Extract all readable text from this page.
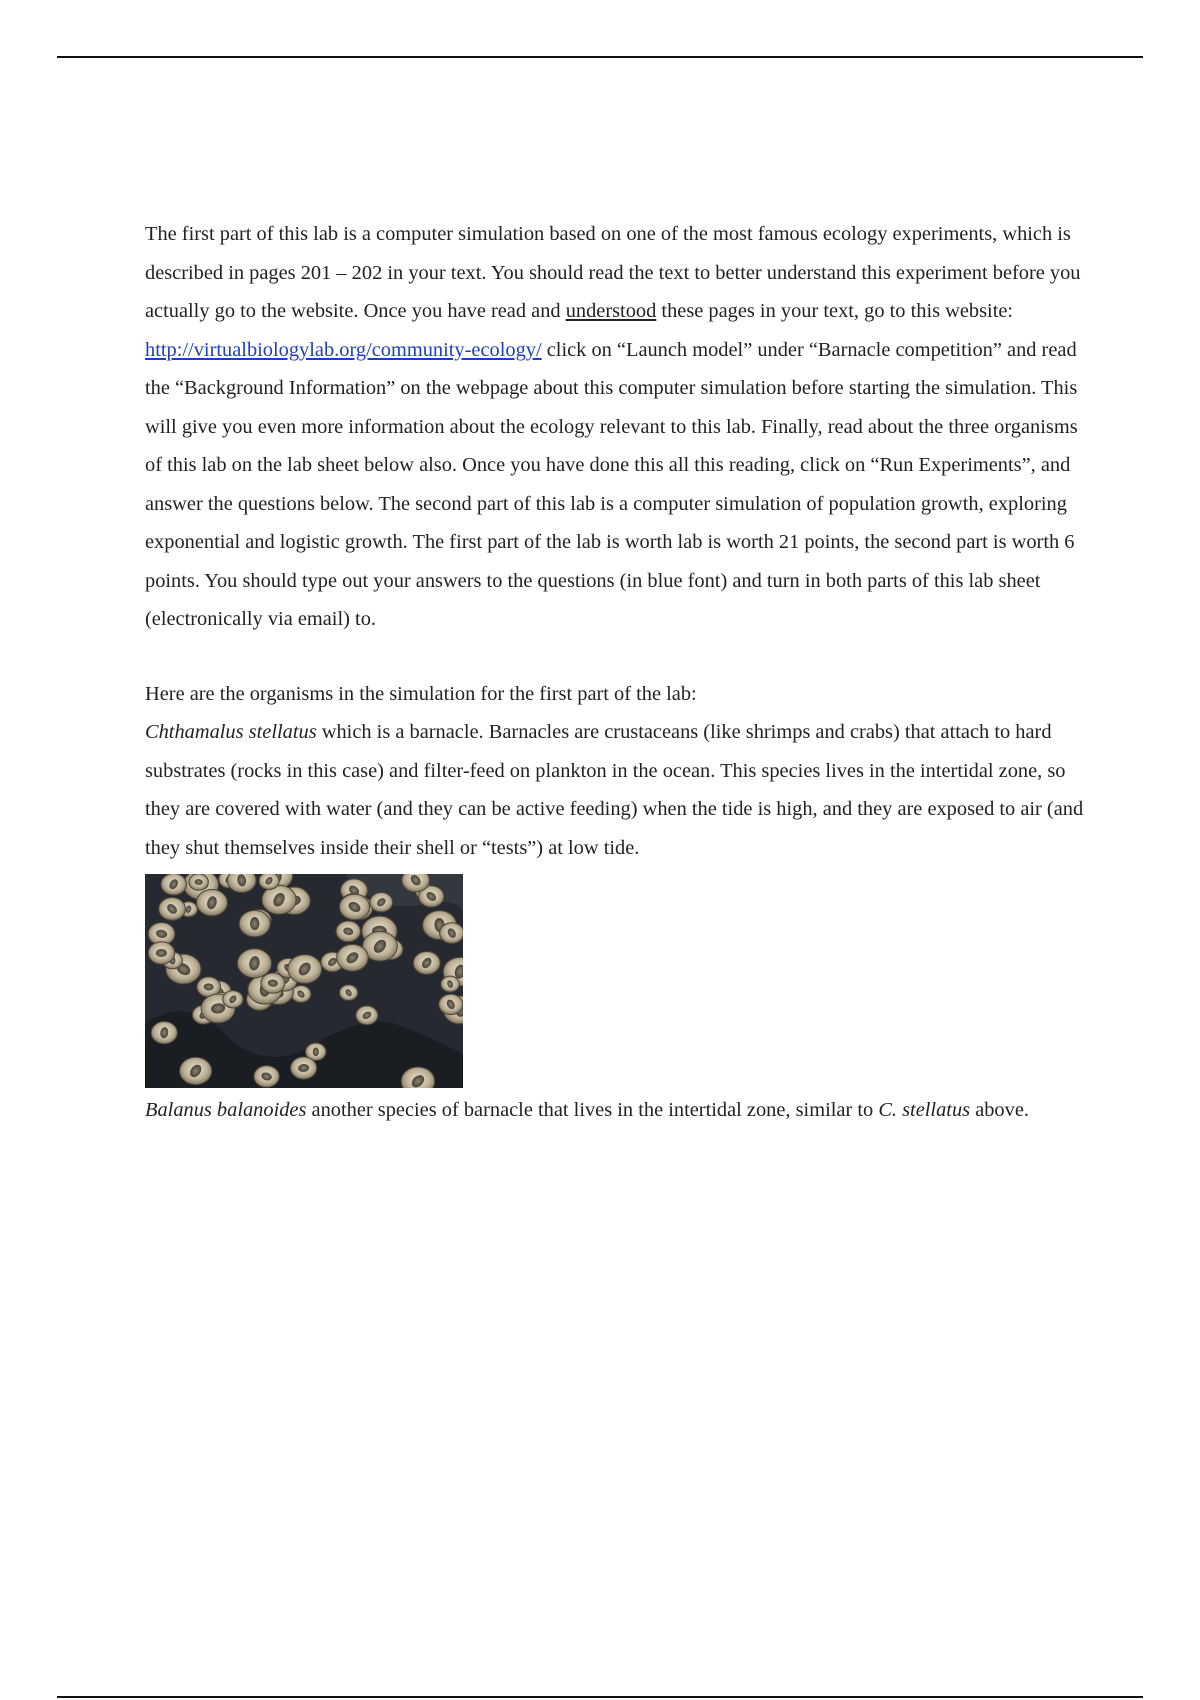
The first part of this lab is a computer simulation based on one of the most famous ecology experiments, which is described in pages 201 – 202 in your text. You should read the text to better understand this experiment before you actually go to the website. Once you have read and understood these pages in your text, go to this website: http://virtualbiologylab.org/community-ecology/ click on “Launch model” under “Barnacle competition” and read the “Background Information” on the webpage about this computer simulation before starting the simulation. This will give you even more information about the ecology relevant to this lab. Finally, read about the three organisms of this lab on the lab sheet below also. Once you have done this all this reading, click on “Run Experiments”, and answer the questions below. The second part of this lab is a computer simulation of population growth, exploring exponential and logistic growth. The first part of the lab is worth lab is worth 21 points, the second part is worth 6 points. You should type out your answers to the questions (in blue font) and turn in both parts of this lab sheet (electronically via email) to.

Here are the organisms in the simulation for the first part of the lab:

Chthamalus stellatus which is a barnacle. Barnacles are crustaceans (like shrimps and crabs) that attach to hard substrates (rocks in this case) and filter-feed on plankton in the ocean. This species lives in the intertidal zone, so they are covered with water (and they can be active feeding) when the tide is high, and they are exposed to air (and they shut themselves inside their shell or “tests”) at low tide.

Balanus balanoides another species of barnacle that lives in the intertidal zone, similar to C. stellatus above.
